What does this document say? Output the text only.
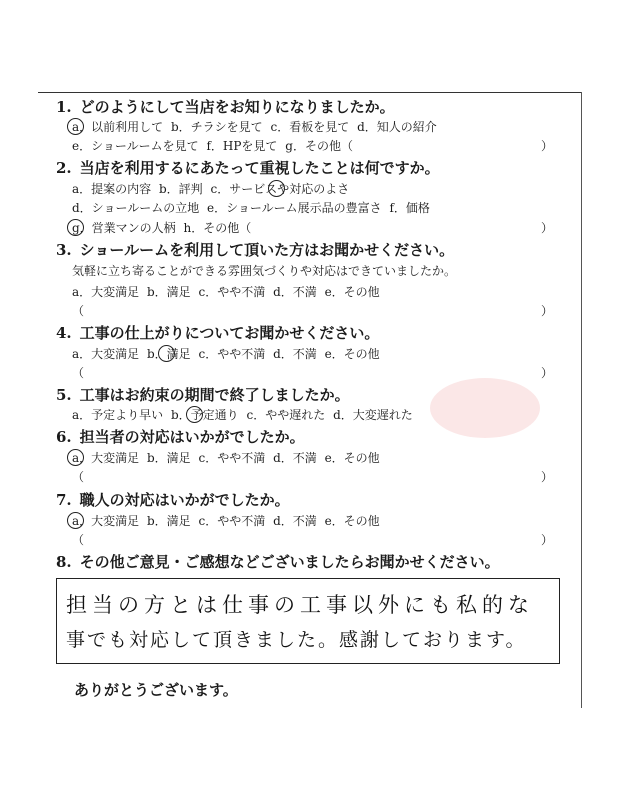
1. どのようにして当店をお知りになりましたか。
a．以前利用して b．チラシを見て c．看板を見て d．知人の紹介
e．ショールームを見て f．HPを見て g．その他（	）
2. 当店を利用するにあたって重視したことは何ですか。
a．提案の内容 b．評判 c．サービスや対応のよさ
d．ショールームの立地 e．ショールーム展示品の豊富さ f．価格
g．営業マンの人柄 h．その他（	）
3. ショールームを利用して頂いた方はお聞かせください。
気軽に立ち寄ることができる雰囲気づくりや対応はできていましたか。
a．大変満足 b．満足 c．やや不満 d．不満 e．その他
（	）
4. 工事の仕上がりについてお聞かせください。
a．大変満足 b．満足 c．やや不満 d．不満 e．その他
（	）
5. 工事はお約束の期間で終了しましたか。
a．予定より早い b．予定通り c．やや遅れた d．大変遅れた
6. 担当者の対応はいかがでしたか。
a．大変満足 b．満足 c．やや不満 d．不満 e．その他
（	）
7. 職人の対応はいかがでしたか。
a．大変満足 b．満足 c．やや不満 d．不満 e．その他
（	）
8. その他ご意見・ご感想などございましたらお聞かせください。
担当の方とは仕事の工事以外にも私的な
事でも対応して頂きました。感謝しております。
ありがとうございます。
